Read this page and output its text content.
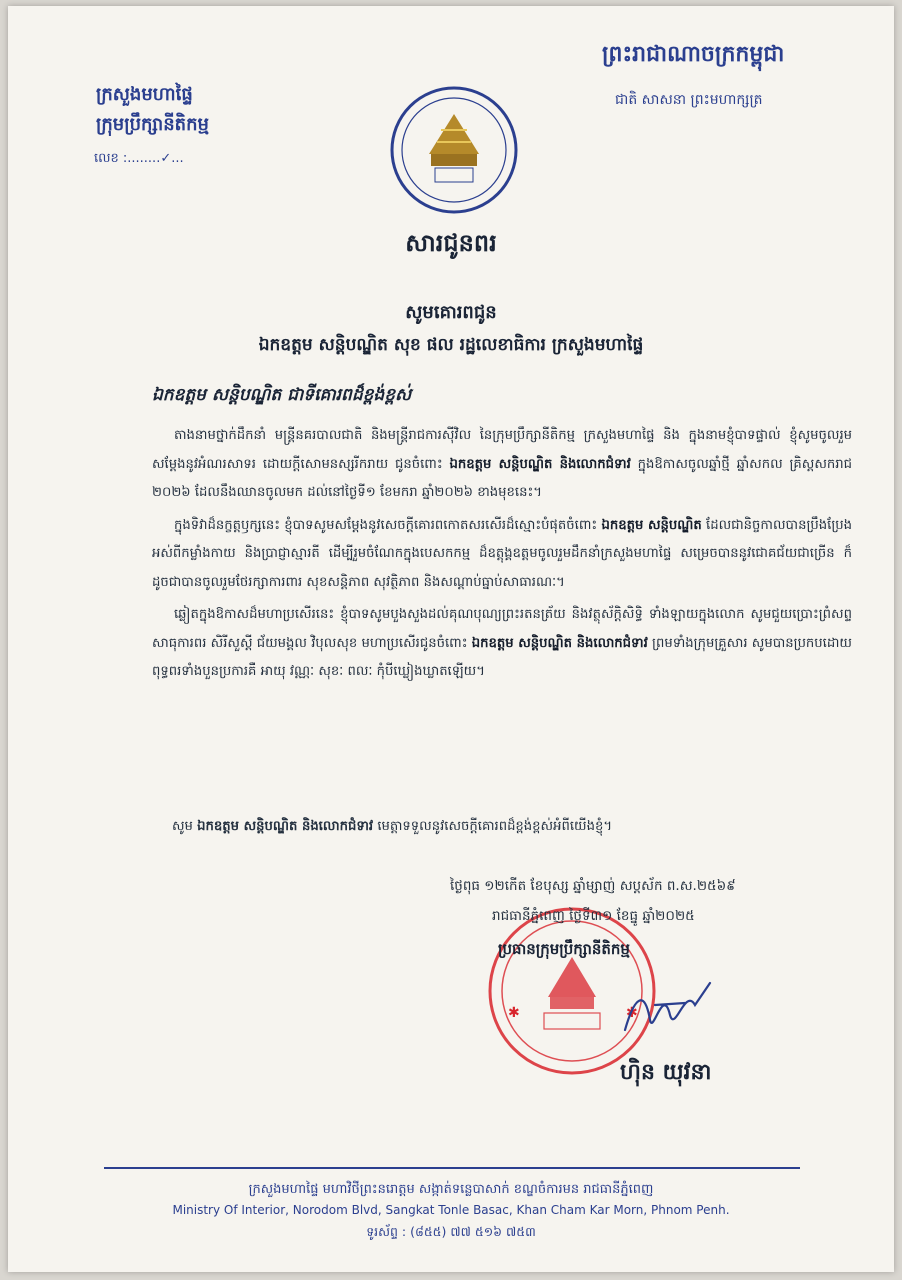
ព្រះរាជាណាចក្រកម្ពុជា
ជាតិ សាសនា ព្រះមហាក្សត្រ
ក្រសួងមហាផ្ទៃ
ក្រុមប្រឹក្សានីតិកម្ម
លេខ :........✓...
សារជូនពរ
សូមគោរពជូន
ឯកឧត្តម សន្តិបណ្ឌិត សុខ ផល រដ្ឋលេខាធិការ ក្រសួងមហាផ្ទៃ
ឯកឧត្តម សន្តិបណ្ឌិត ជាទីគោរពដ៏ខ្ពង់ខ្ពស់

តាងនាមថ្នាក់ដឹកនាំ មន្ត្រីនគរបាលជាតិ និងមន្ត្រីរាជការស៊ីវិល នៃក្រុមប្រឹក្សានីតិកម្ម ក្រសួងមហាផ្ទៃ និង ក្នុងនាមខ្ញុំបាទផ្ទាល់ ខ្ញុំសូមចូលរួមសម្តែងនូវអំណរសាទរ ដោយក្តីសោមនស្សរីករាយ ជូនចំពោះ ឯកឧត្តម សន្តិបណ្ឌិត និងលោកជំទាវ ក្នុងឱកាសចូលឆ្នាំថ្មី ឆ្នាំសកល គ្រិស្តសករាជ ២០២៦ ដែលនឹងឈានចូលមក ដល់នៅថ្ងៃទី១ ខែមករា ឆ្នាំ២០២៦ ខាងមុខនេះ។

ក្នុងទិវាដ៏នក្ខត្តឫក្សនេះ ខ្ញុំបាទសូមសម្តែងនូវសេចក្តីគោរពកោតសរសើរដ៏ស្មោះបំផុតចំពោះ ឯកឧត្តម សន្តិបណ្ឌិត ដែលជានិច្ចកាលបានប្រឹងប្រែងអស់ពីកម្លាំងកាយ និងប្រាជ្ញាស្មារតី ដើម្បីរួមចំណែកក្នុងបេសកកម្ម ដ៏ឧត្តុង្គឧត្តមចូលរួមដឹកនាំក្រសួងមហាផ្ទៃ សម្រេចបាននូវជោគជ័យជាច្រើន ក៏ដូចជាបានចូលរួមថែរក្សាការពារ សុខសន្តិភាព សុវត្ថិភាព និងសណ្តាប់ធ្នាប់សាធារណៈ។

ឆ្លៀតក្នុងឱកាសដ៏មហាប្រសើរនេះ ខ្ញុំបាទសូមបួងសួងដល់គុណបុណ្យព្រះរតនត្រ័យ និងវត្ថុស័ក្តិសិទ្ធិ ទាំងឡាយក្នុងលោក សូមជួយប្រោះព្រំសព្ទសាធុការពរ សិរីសួស្តី ជ័យមង្គល វិបុលសុខ មហាប្រសើរជូនចំពោះ ឯកឧត្តម សន្តិបណ្ឌិត និងលោកជំទាវ ព្រមទាំងក្រុមគ្រួសារ សូមបានប្រកបដោយពុទ្ធពរទាំងបួនប្រការគឺ អាយុ វណ្ណៈ សុខៈ ពលៈ កុំបីឃ្លៀងឃ្លាតឡើយ។

សូម ឯកឧត្តម សន្តិបណ្ឌិត និងលោកជំទាវ មេត្តាទទួលនូវសេចក្តីគោរពដ៏ខ្ពង់ខ្ពស់អំពីយើងខ្ញុំ។
ថ្ងៃពុធ ១២កើត ខែបុស្ស ឆ្នាំម្សាញ់ សប្តស័ក ព.ស.២៥៦៩
✱	✱
រាជធានីភ្នំពេញ ថ្ងៃទី៣១ ខែធ្នូ ឆ្នាំ២០២៥
ប្រធានក្រុមប្រឹក្សានីតិកម្ម
ហ៊ិន យុវនា
ក្រសួងមហាផ្ទៃ មហាវិថីព្រះនរោត្តម សង្កាត់ទន្លេបាសាក់ ខណ្ឌចំការមន រាជធានីភ្នំពេញ
Ministry Of Interior, Norodom Blvd, Sangkat Tonle Basac, Khan Cham Kar Morn, Phnom Penh.
ទូរស័ព្ទ : (៨៥៥) ៧៧ ៥១៦ ៧៥៣
